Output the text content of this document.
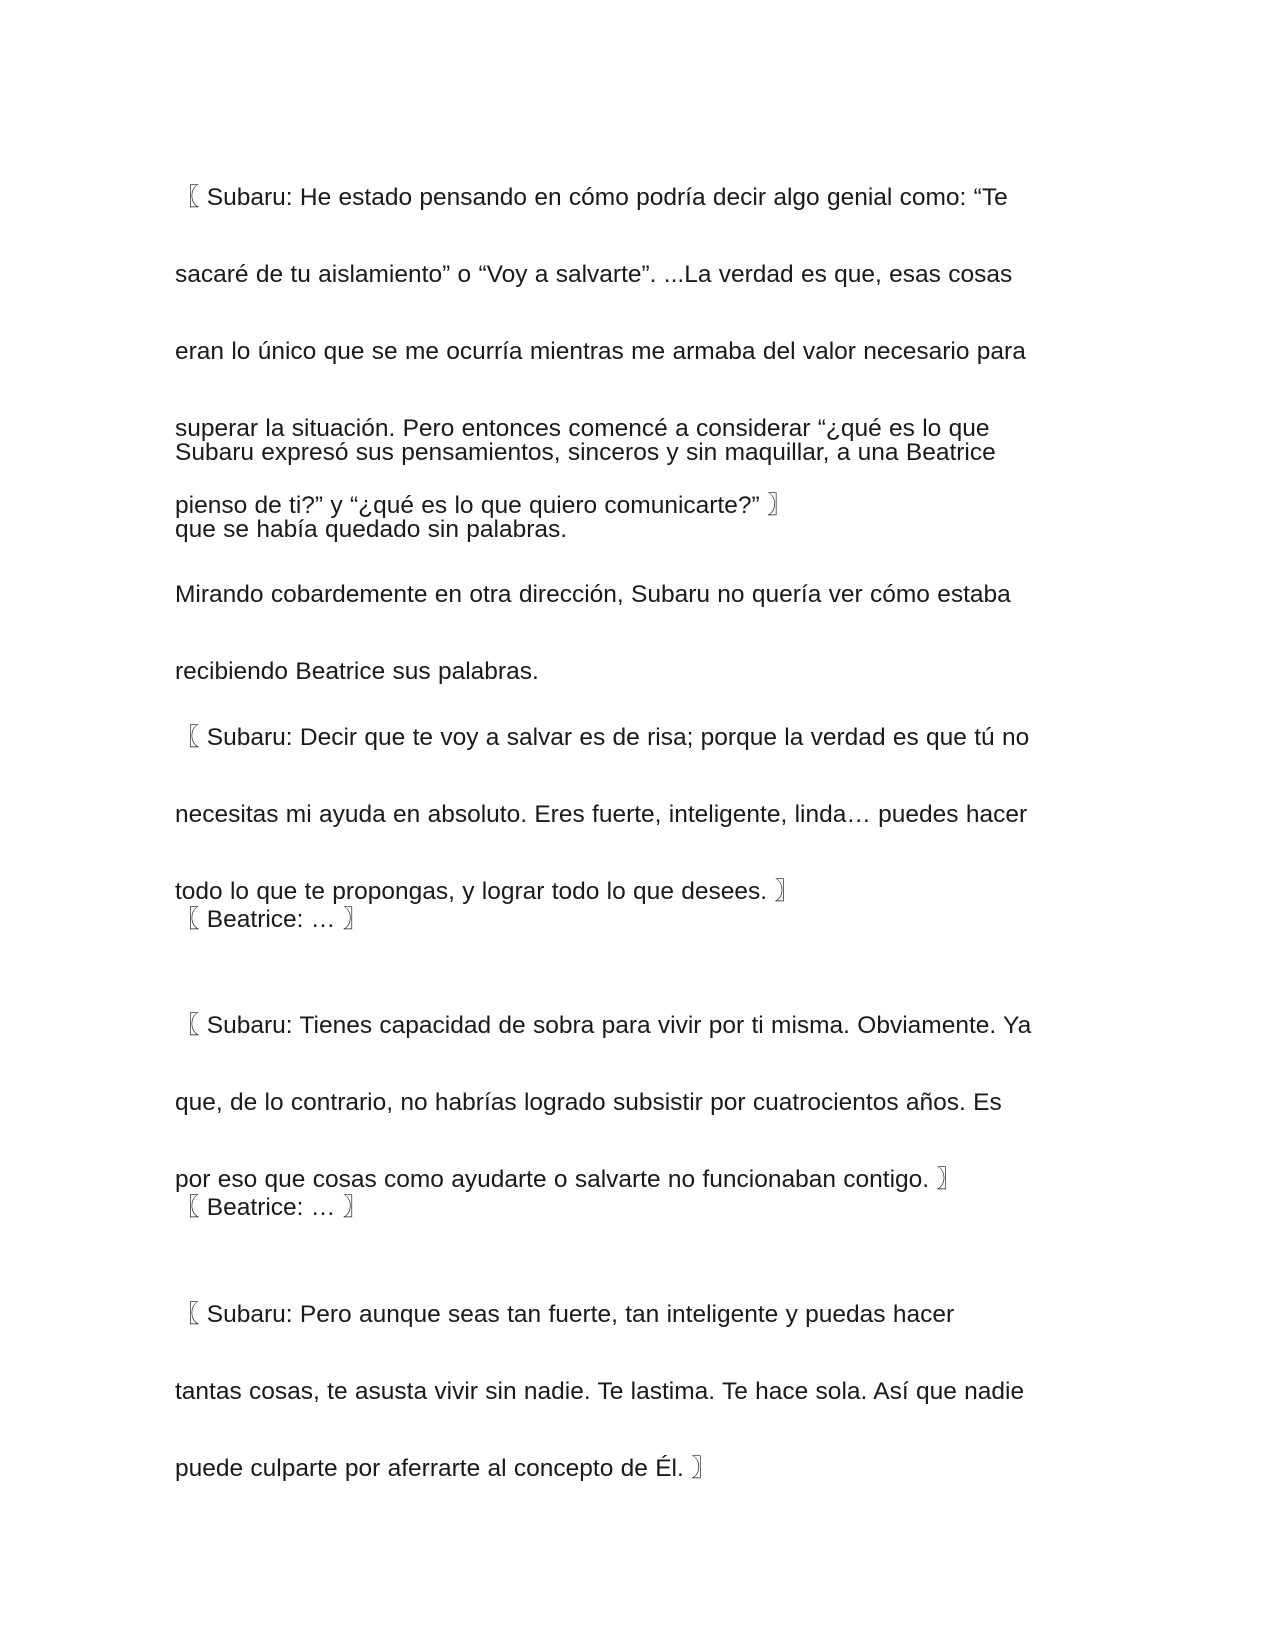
〖 Subaru: He estado pensando en cómo podría decir algo genial como: “Te

sacaré de tu aislamiento” o “Voy a salvarte”. ...La verdad es que, esas cosas

eran lo único que se me ocurría mientras me armaba del valor necesario para

superar la situación. Pero entonces comencé a considerar “¿qué es lo que

pienso de ti?” y “¿qué es lo que quiero comunicarte?” 〗

Subaru expresó sus pensamientos, sinceros y sin maquillar, a una Beatrice

que se había quedado sin palabras.

Mirando cobardemente en otra dirección, Subaru no quería ver cómo estaba

recibiendo Beatrice sus palabras.

〖 Subaru: Decir que te voy a salvar es de risa; porque la verdad es que tú no

necesitas mi ayuda en absoluto. Eres fuerte, inteligente, linda… puedes hacer

todo lo que te propongas, y lograr todo lo que desees. 〗

〖 Beatrice: … 〗

〖 Subaru: Tienes capacidad de sobra para vivir por ti misma. Obviamente. Ya

que, de lo contrario, no habrías logrado subsistir por cuatrocientos años. Es

por eso que cosas como ayudarte o salvarte no funcionaban contigo. 〗

〖 Beatrice: … 〗

〖 Subaru: Pero aunque seas tan fuerte, tan inteligente y puedas hacer

tantas cosas, te asusta vivir sin nadie. Te lastima. Te hace sola. Así que nadie

puede culparte por aferrarte al concepto de Él. 〗
